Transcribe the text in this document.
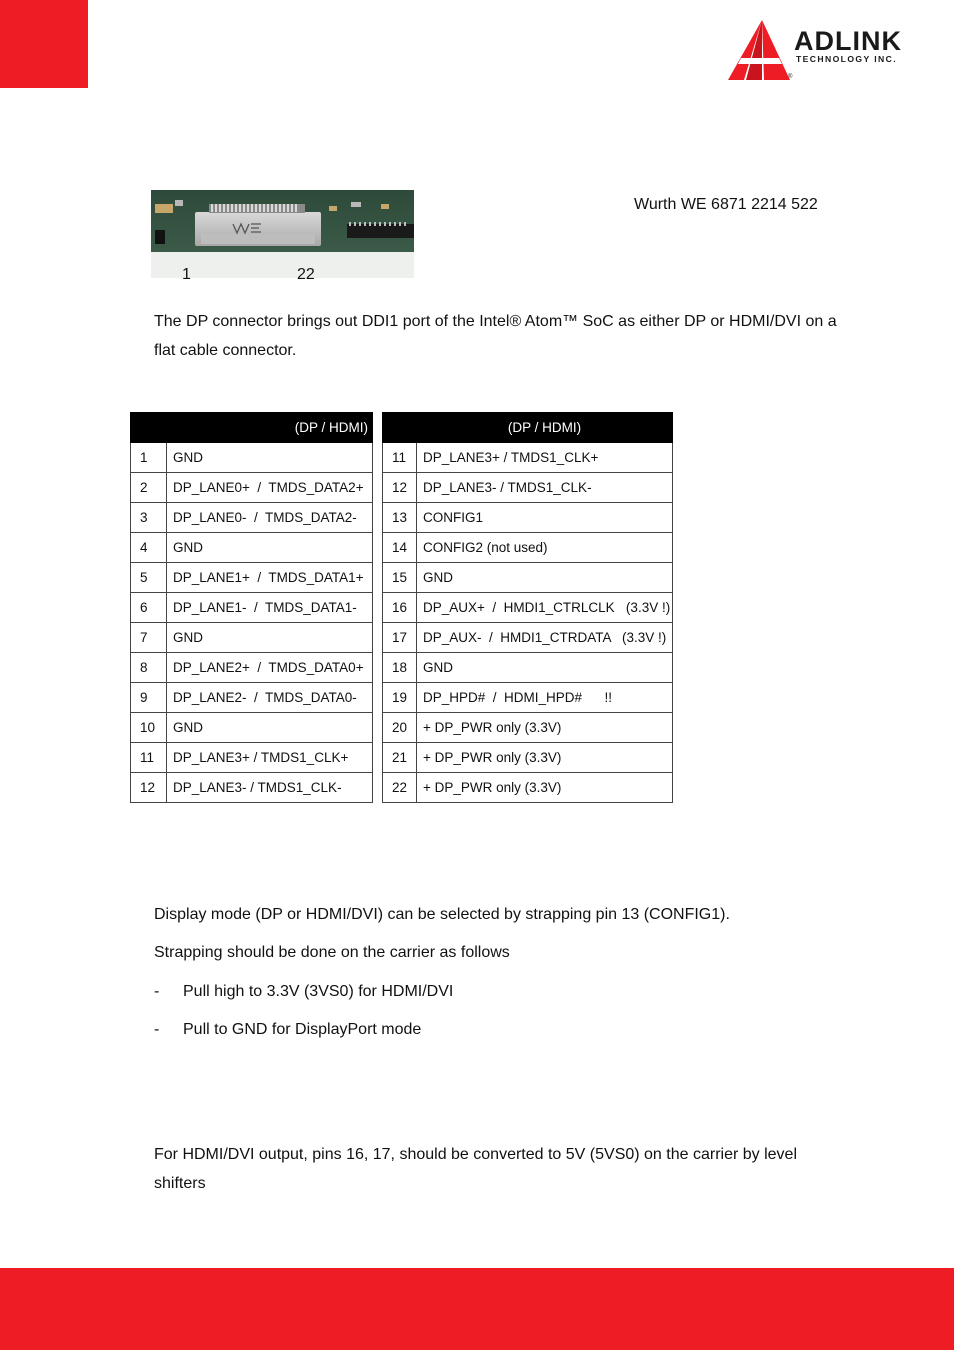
ADLINK
TECHNOLOGY INC.
®
1	22
Wurth WE 6871 2214 522
The DP connector brings out DDI1 port of the Intel® Atom™ SoC as either DP or HDMI/DVI on a flat cable connector.
	(DP / HDMI)
1	GND
2	DP_LANE0+  /  TMDS_DATA2+
3	DP_LANE0-  /  TMDS_DATA2-
4	GND
5	DP_LANE1+  /  TMDS_DATA1+
6	DP_LANE1-  /  TMDS_DATA1-
7	GND
8	DP_LANE2+  /  TMDS_DATA0+
9	DP_LANE2-  /  TMDS_DATA0-
10	GND
11	DP_LANE3+ / TMDS1_CLK+
12	DP_LANE3- / TMDS1_CLK-
	(DP / HDMI)
11	DP_LANE3+ / TMDS1_CLK+
12	DP_LANE3- / TMDS1_CLK-
13	CONFIG1
14	CONFIG2 (not used)
15	GND
16	DP_AUX+  /  HMDI1_CTRLCLK   (3.3V !)
17	DP_AUX-  /  HMDI1_CTRDATA   (3.3V !)
18	GND
19	DP_HPD#  /  HDMI_HPD#      !!
20	+ DP_PWR only (3.3V)
21	+ DP_PWR only (3.3V)
22	+ DP_PWR only (3.3V)
Display mode (DP or HDMI/DVI) can be selected by strapping pin 13 (CONFIG1).
Strapping should be done on the carrier as follows
- Pull high to 3.3V (3VS0) for HDMI/DVI
- Pull to GND for DisplayPort mode
For HDMI/DVI output, pins 16, 17, should be converted to 5V (5VS0) on the carrier by level shifters
